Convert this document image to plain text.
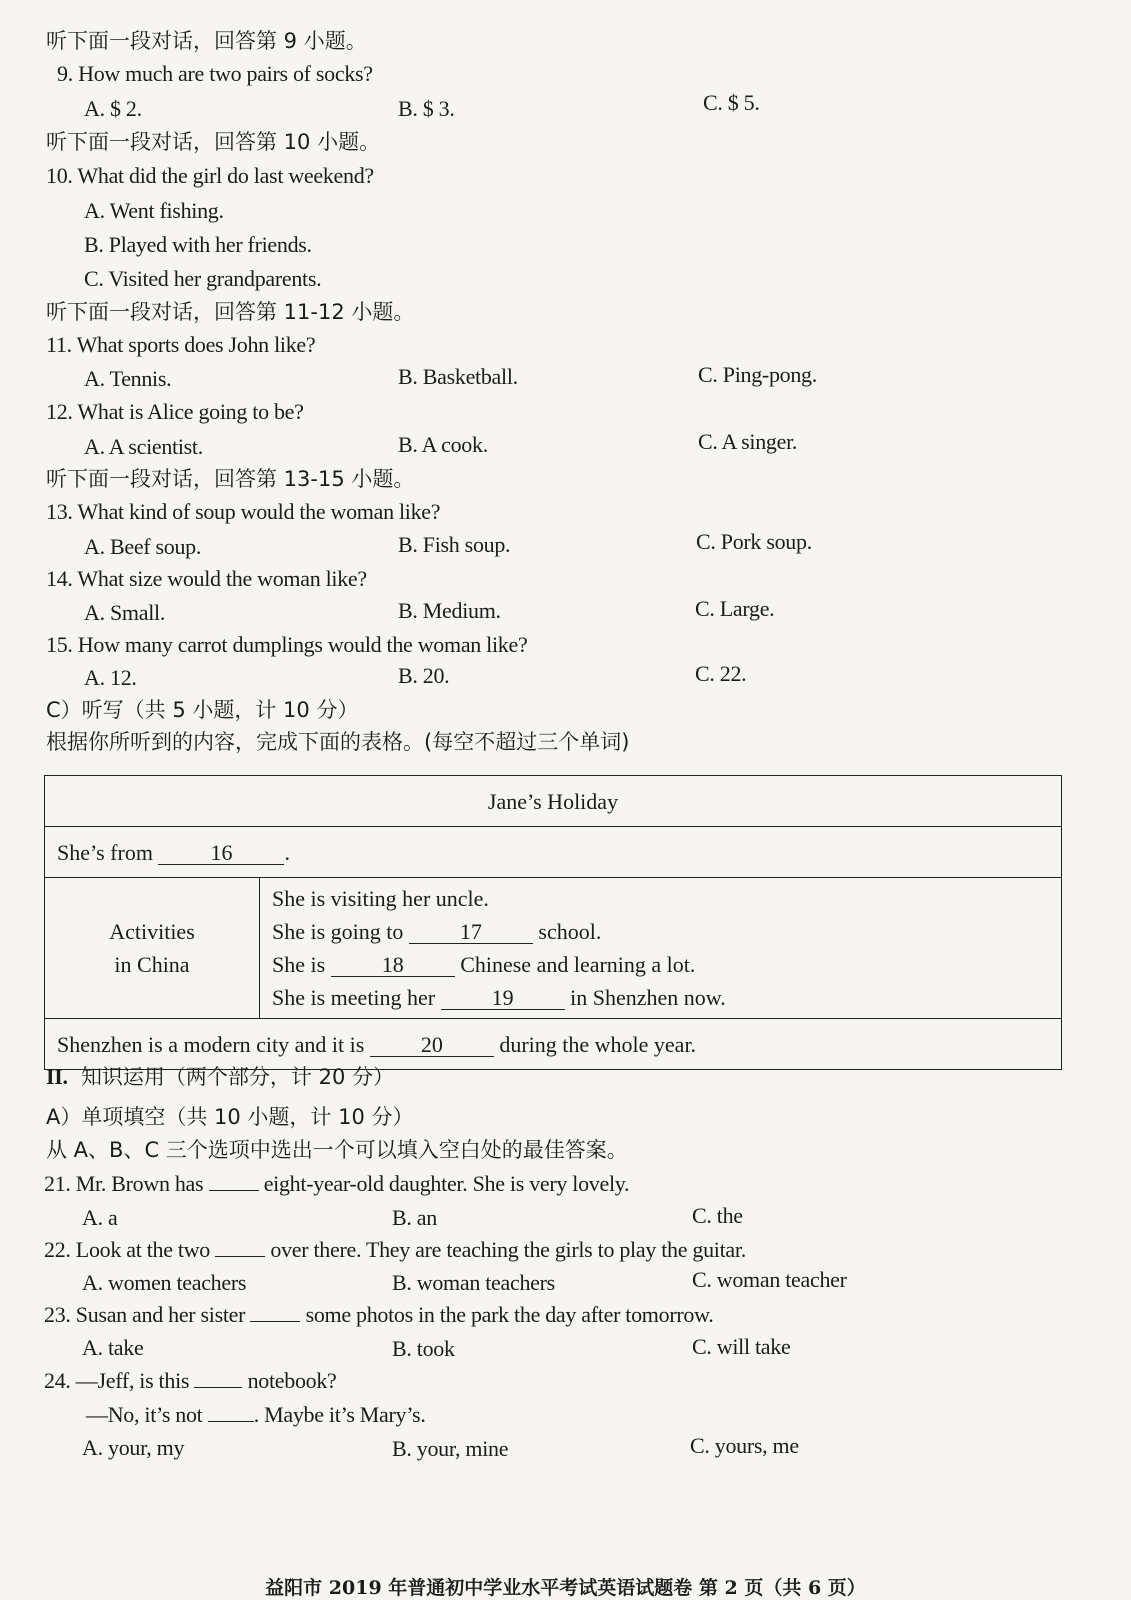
听下面一段对话，回答第 9 小题。
9. How much are two pairs of socks?
A. $ 2.	B. $ 3.	C. $ 5.
听下面一段对话，回答第 10 小题。
10. What did the girl do last weekend?
A. Went fishing.
B. Played with her friends.
C. Visited her grandparents.
听下面一段对话，回答第 11-12 小题。
11. What sports does John like?
A. Tennis.	B. Basketball.	C. Ping-pong.
12. What is Alice going to be?
A. A scientist.	B. A cook.	C. A singer.
听下面一段对话，回答第 13-15 小题。
13. What kind of soup would the woman like?
A. Beef soup.	B. Fish soup.	C. Pork soup.
14. What size would the woman like?
A. Small.	B. Medium.	C. Large.
15. How many carrot dumplings would the woman like?
A. 12.	B. 20.	C. 22.
C）听写（共 5 小题，计 10 分）
根据你所听到的内容，完成下面的表格。(每空不超过三个单词)
Jane’s Holiday
She’s from	16 .

Activities
in China

She is visiting her uncle.
She is going to	17	school.
She is	18	Chinese and learning a lot.
She is meeting her	19	in Shenzhen now.

Shenzhen is a modern city and it is	20	during the whole year.
II. 知识运用（两个部分，计 20 分）
A）单项填空（共 10 小题，计 10 分）
从 A、B、C 三个选项中选出一个可以填入空白处的最佳答案。
21. Mr. Brown has	eight-year-old daughter. She is very lovely.
A. a	B. an	C. the
22. Look at the two	over there. They are teaching the girls to play the guitar.
A. women teachers	B. woman teachers	C. woman teacher
23. Susan and her sister	some photos in the park the day after tomorrow.
A. take	B. took	C. will take
24. —Jeff, is this	notebook?
—No, it’s not . Maybe it’s Mary’s.
A. your, my	B. your, mine	C. yours, me
益阳市 2019 年普通初中学业水平考试英语试题卷 第 2 页（共 6 页）
